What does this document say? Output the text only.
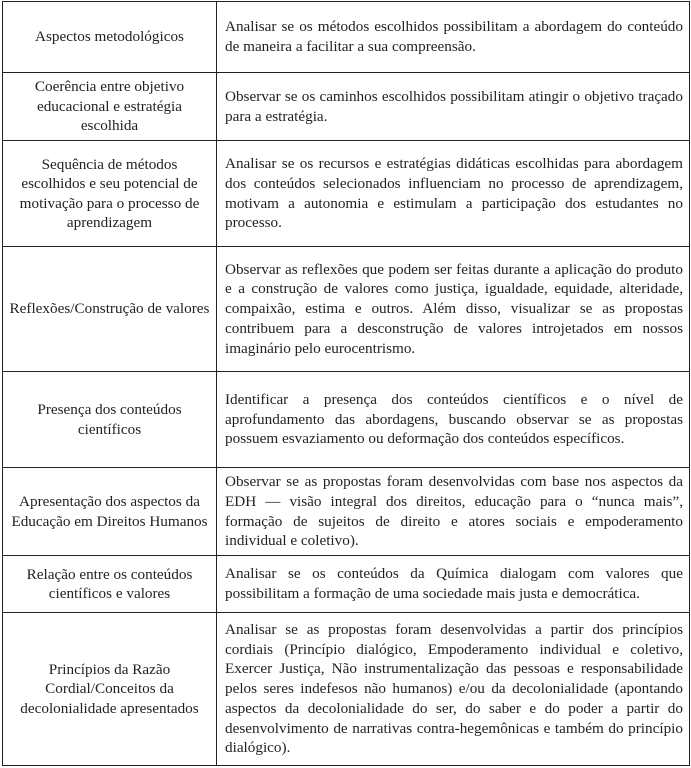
Aspectos metodológicos	Analisar se os métodos escolhidos possibilitam a abordagem do conteúdo de maneira a facilitar a sua compreensão.

Coerência entre objetivo educacional e estratégia escolhida	Observar se os caminhos escolhidos possibilitam atingir o objetivo traçado para a estratégia.

Sequência de métodos escolhidos e seu potencial de motivação para o processo de aprendizagem	Analisar se os recursos e estratégias didáticas escolhidas para abordagem dos conteúdos selecionados influenciam no processo de aprendizagem, motivam a autonomia e estimulam a participação dos estudantes no processo.

Reflexões/Construção de valores	Observar as reflexões que podem ser feitas durante a aplicação do produto e a construção de valores como justiça, igualdade, equidade, alteridade, compaixão, estima e outros. Além disso, visualizar se as propostas contribuem para a desconstrução de valores introjetados em nossos imaginário pelo eurocentrismo.

Presença dos conteúdos científicos	Identificar a presença dos conteúdos científicos e o nível de aprofundamento das abordagens, buscando observar se as propostas possuem esvaziamento ou deformação dos conteúdos específicos.

Apresentação dos aspectos da Educação em Direitos Humanos	Observar se as propostas foram desenvolvidas com base nos aspectos da EDH — visão integral dos direitos, educação para o “nunca mais”, formação de sujeitos de direito e atores sociais e empoderamento individual e coletivo).

Relação entre os conteúdos científicos e valores	Analisar se os conteúdos da Química dialogam com valores que possibilitam a formação de uma sociedade mais justa e democrática.

Princípios da Razão Cordial/Conceitos da decolonialidade apresentados	Analisar se as propostas foram desenvolvidas a partir dos princípios cordiais (Princípio dialógico, Empoderamento individual e coletivo, Exercer Justiça, Não instrumentalização das pessoas e responsabilidade pelos seres indefesos não humanos) e/ou da decolonialidade (apontando aspectos da decolonialidade do ser, do saber e do poder a partir do desenvolvimento de narrativas contra-hegemônicas e também do princípio dialógico).
